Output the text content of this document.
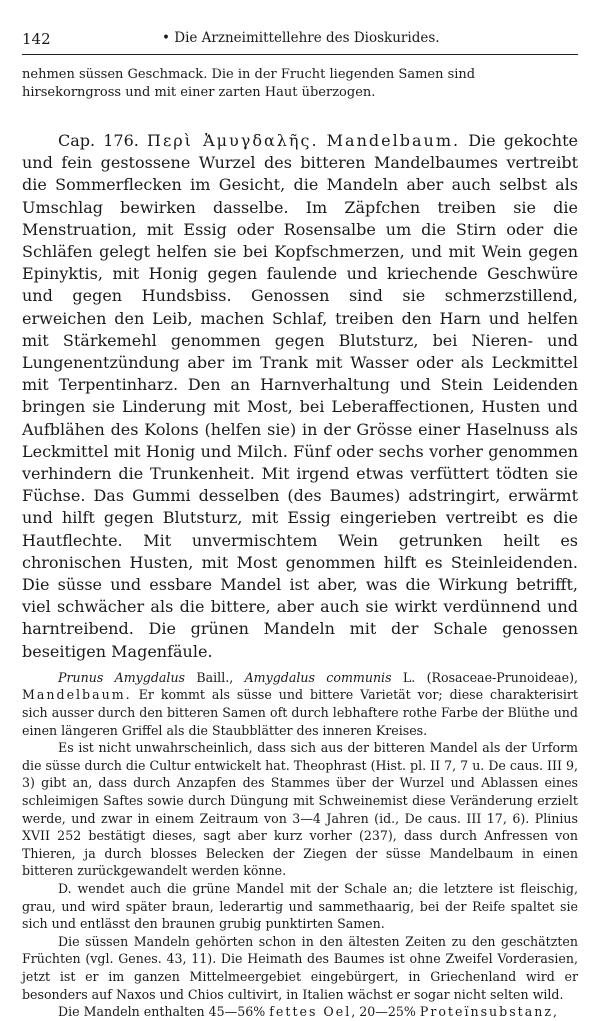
142	• Die Arzneimittellehre des Dioskurides.

nehmen süssen Geschmack. Die in der Frucht liegenden Samen sind hirsekorngross und mit einer zarten Haut überzogen.

Cap. 176. Περὶ Ἀμυγδαλῆς. Mandelbaum. Die gekochte und fein gestossene Wurzel des bitteren Mandelbaumes vertreibt die Sommerflecken im Gesicht, die Mandeln aber auch selbst als Umschlag bewirken dasselbe. Im Zäpfchen treiben sie die Menstruation, mit Essig oder Rosensalbe um die Stirn oder die Schläfen gelegt helfen sie bei Kopfschmerzen, und mit Wein gegen Epinyktis, mit Honig gegen faulende und kriechende Geschwüre und gegen Hundsbiss. Genossen sind sie schmerzstillend, erweichen den Leib, machen Schlaf, treiben den Harn und helfen mit Stärkemehl genommen gegen Blutsturz, bei Nieren- und Lungenentzündung aber im Trank mit Wasser oder als Leckmittel mit Terpentinharz. Den an Harnverhaltung und Stein Leidenden bringen sie Linderung mit Most, bei Leberaffectionen, Husten und Aufblähen des Kolons (helfen sie) in der Grösse einer Haselnuss als Leckmittel mit Honig und Milch. Fünf oder sechs vorher genommen verhindern die Trunkenheit. Mit irgend etwas verfüttert tödten sie Füchse. Das Gummi desselben (des Baumes) adstringirt, erwärmt und hilft gegen Blutsturz, mit Essig eingerieben vertreibt es die Hautflechte. Mit unvermischtem Wein getrunken heilt es chronischen Husten, mit Most genommen hilft es Steinleidenden. Die süsse und essbare Mandel ist aber, was die Wirkung betrifft, viel schwächer als die bittere, aber auch sie wirkt verdünnend und harntreibend. Die grünen Mandeln mit der Schale genossen beseitigen Magenfäule.

Prunus Amygdalus Baill., Amygdalus communis L. (Rosaceae-Prunoideae), Mandelbaum. Er kommt als süsse und bittere Varietät vor; diese charakterisirt sich ausser durch den bitteren Samen oft durch lebhaftere rothe Farbe der Blüthe und einen längeren Griffel als die Staubblätter des inneren Kreises.

Es ist nicht unwahrscheinlich, dass sich aus der bitteren Mandel als der Urform die süsse durch die Cultur entwickelt hat. Theophrast (Hist. pl. II 7, 7 u. De caus. III 9, 3) gibt an, dass durch Anzapfen des Stammes über der Wurzel und Ablassen eines schleimigen Saftes sowie durch Düngung mit Schweinemist diese Veränderung erzielt werde, und zwar in einem Zeitraum von 3—4 Jahren (id., De caus. III 17, 6). Plinius XVII 252 bestätigt dieses, sagt aber kurz vorher (237), dass durch Anfressen von Thieren, ja durch blosses Belecken der Ziegen der süsse Mandelbaum in einen bitteren zurückgewandelt werden könne.

D. wendet auch die grüne Mandel mit der Schale an; die letztere ist fleischig, grau, und wird später braun, lederartig und sammethaarig, bei der Reife spaltet sie sich und entlässt den braunen grubig punktirten Samen.

Die süssen Mandeln gehörten schon in den ältesten Zeiten zu den geschätzten Früchten (vgl. Genes. 43, 11). Die Heimath des Baumes ist ohne Zweifel Vorderasien, jetzt ist er im ganzen Mittelmeergebiet eingebürgert, in Griechenland wird er besonders auf Naxos und Chios cultivirt, in Italien wächst er sogar nicht selten wild.

Die Mandeln enthalten 45—56% fettes Oel, 20—25% Proteïnsubstanz,
